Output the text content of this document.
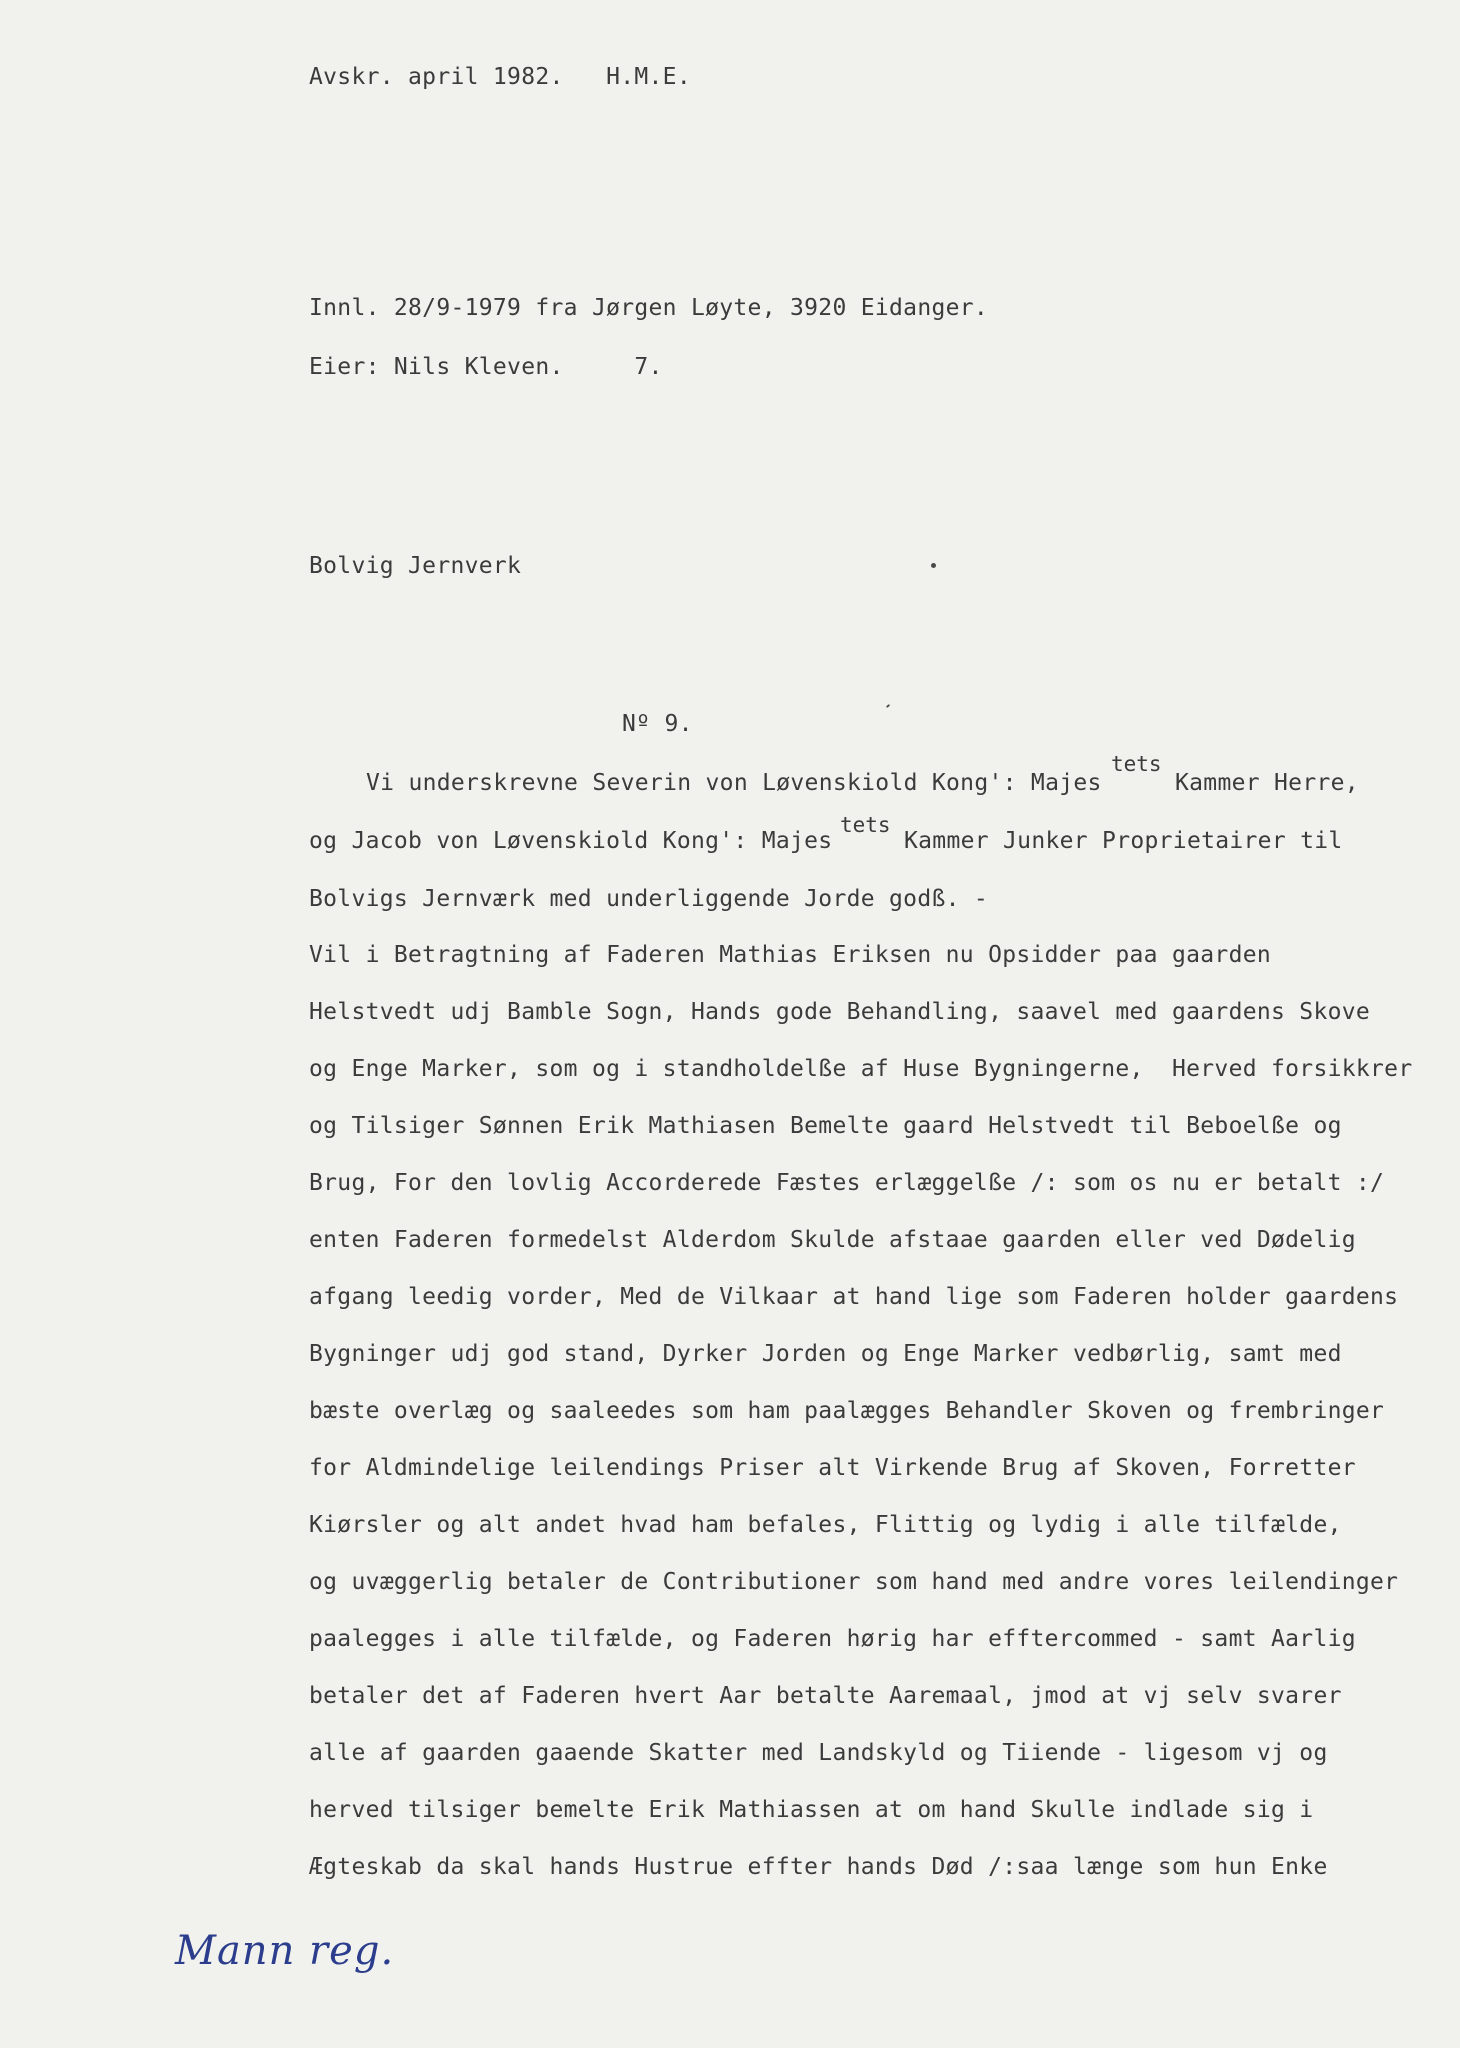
Avskr. april 1982.   H.M.E.
Innl. 28/9-1979 fra Jørgen Løyte, 3920 Eidanger.
Eier: Nils Kleven.     7.
Bolvig Jernverk
Nº 9.
tets
tets
Vi underskrevne Severin von Løvenskiold Kong': Majes	Kammer Herre,
og Jacob von Løvenskiold Kong': Majes	Kammer Junker Proprietairer til
Bolvigs Jernværk med underliggende Jorde godß. -
Vil i Betragtning af Faderen Mathias Eriksen nu Opsidder paa gaarden
Helstvedt udj Bamble Sogn, Hands gode Behandling, saavel med gaardens Skove
og Enge Marker, som og i standholdelße af Huse Bygningerne,  Herved forsikkrer
og Tilsiger Sønnen Erik Mathiasen Bemelte gaard Helstvedt til Beboelße og
Brug, For den lovlig Accorderede Fæstes erlæggelße /: som os nu er betalt :/
enten Faderen formedelst Alderdom Skulde afstaae gaarden eller ved Dødelig
afgang leedig vorder, Med de Vilkaar at hand lige som Faderen holder gaardens
Bygninger udj god stand, Dyrker Jorden og Enge Marker vedbørlig, samt med
bæste overlæg og saaleedes som ham paalægges Behandler Skoven og frembringer
for Aldmindelige leilendings Priser alt Virkende Brug af Skoven, Forretter
Kiørsler og alt andet hvad ham befales, Flittig og lydig i alle tilfælde,
og uvæggerlig betaler de Contributioner som hand med andre vores leilendinger
paalegges i alle tilfælde, og Faderen hørig har efftercommed - samt Aarlig
betaler det af Faderen hvert Aar betalte Aaremaal, jmod at vj selv svarer
alle af gaarden gaaende Skatter med Landskyld og Tiiende - ligesom vj og
herved tilsiger bemelte Erik Mathiassen at om hand Skulle indlade sig i
Ægteskab da skal hands Hustrue effter hands Død /:saa længe som hun Enke
Mann reg.
